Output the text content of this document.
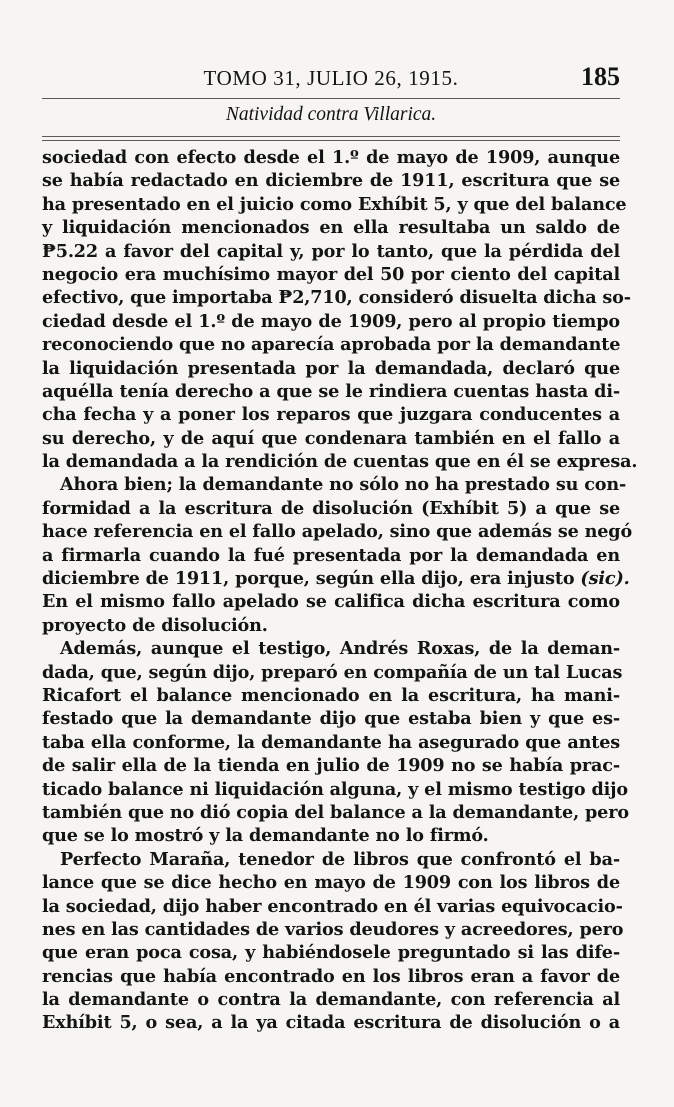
TOMO 31, JULIO 26, 1915.	185
Natividad contra Villarica.
sociedad con efecto desde el 1.º de mayo de 1909, aunque
se había redactado en diciembre de 1911, escritura que se
ha presentado en el juicio como Exhíbit 5, y que del balance
y liquidación mencionados en ella resultaba un saldo de
₱5.22 a favor del capital y, por lo tanto, que la pérdida del
negocio era muchísimo mayor del 50 por ciento del capital
efectivo, que importaba ₱2,710, consideró disuelta dicha so-
ciedad desde el 1.º de mayo de 1909, pero al propio tiempo
reconociendo que no aparecía aprobada por la demandante
la liquidación presentada por la demandada, declaró que
aquélla tenía derecho a que se le rindiera cuentas hasta di-
cha fecha y a poner los reparos que juzgara conducentes a
su derecho, y de aquí que condenara también en el fallo a
la demandada a la rendición de cuentas que en él se expresa.
Ahora bien; la demandante no sólo no ha prestado su con-
formidad a la escritura de disolución (Exhíbit 5) a que se
hace referencia en el fallo apelado, sino que además se negó
a firmarla cuando la fué presentada por la demandada en
diciembre de 1911, porque, según ella dijo, era injusto (sic).
En el mismo fallo apelado se califica dicha escritura como
proyecto de disolución.
Además, aunque el testigo, Andrés Roxas, de la deman-
dada, que, según dijo, preparó en compañía de un tal Lucas
Ricafort el balance mencionado en la escritura, ha mani-
festado que la demandante dijo que estaba bien y que es-
taba ella conforme, la demandante ha asegurado que antes
de salir ella de la tienda en julio de 1909 no se había prac-
ticado balance ni liquidación alguna, y el mismo testigo dijo
también que no dió copia del balance a la demandante, pero
que se lo mostró y la demandante no lo firmó.
Perfecto Maraña, tenedor de libros que confrontó el ba-
lance que se dice hecho en mayo de 1909 con los libros de
la sociedad, dijo haber encontrado en él varias equivocacio-
nes en las cantidades de varios deudores y acreedores, pero
que eran poca cosa, y habiéndosele preguntado si las dife-
rencias que había encontrado en los libros eran a favor de
la demandante o contra la demandante, con referencia al
Exhíbit 5, o sea, a la ya citada escritura de disolución o a
